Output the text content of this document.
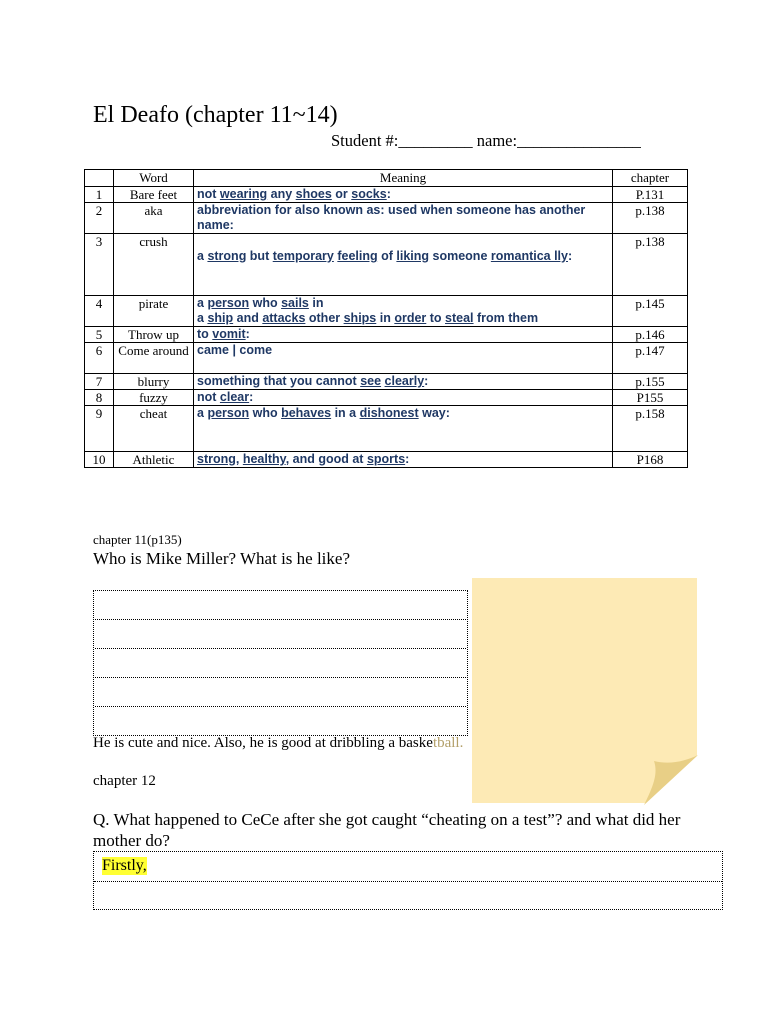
El Deafo (chapter 11~14)
Student #:_________ name:_______________
	Word	Meaning	chapter
1	Bare feet	not wearing any shoes or socks:	P.131
2	aka	abbreviation for also known as: used when someone has another name:	p.138
3	crush	a strong but temporary feeling of liking someone romantica lly:	p.138
4	pirate	a person who sails in
a ship and attacks other ships in order to steal from them	p.145
5	Throw up	to vomit:	p.146
6	Come around	came | come	p.147
7	blurry	something that you cannot see clearly:	p.155
8	fuzzy	not clear:	P155
9	cheat	a person who behaves in a dishonest way:	p.158
10	Athletic	strong, healthy, and good at sports:	P168
chapter 11(p135)
Who is Mike Miller? What is he like?
He is cute and nice. Also, he is good at dribbling a basketball.
chapter 12
Q. What happened to CeCe after she got caught “cheating on a test”? and what did her mother do?
Firstly,
